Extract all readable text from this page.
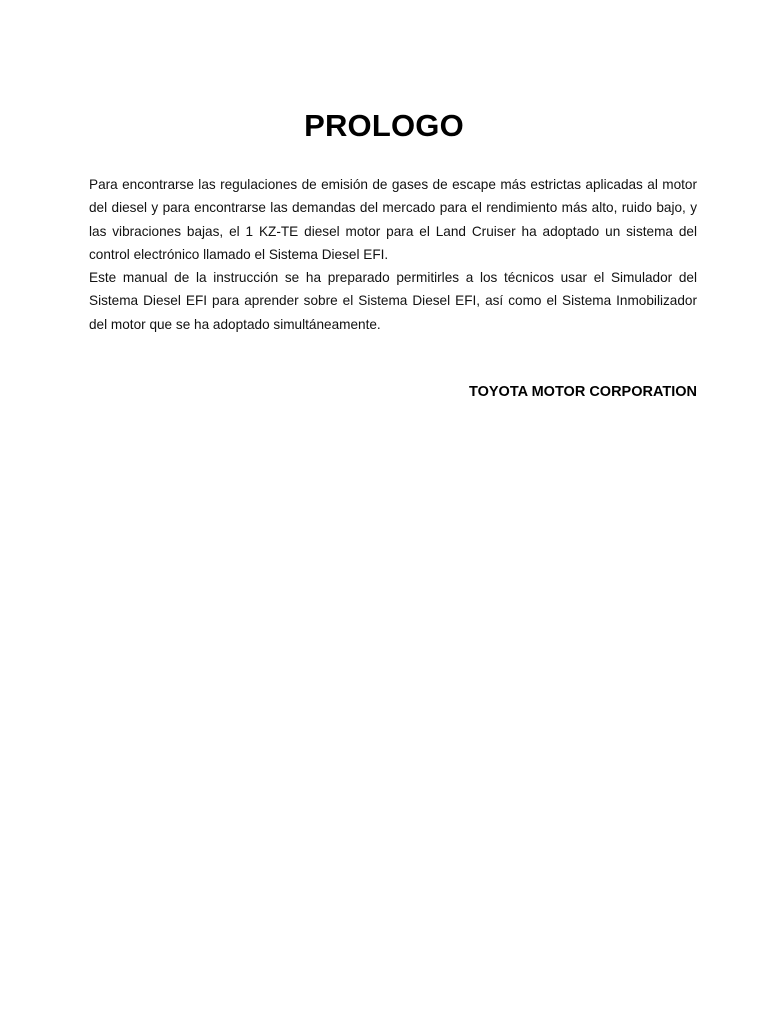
PROLOGO

Para encontrarse las regulaciones de emisión de gases de escape más estrictas aplicadas al motor del diesel y para encontrarse las demandas del mercado para el rendimiento más alto, ruido bajo, y las vibraciones bajas, el 1 KZ-TE diesel motor para el Land Cruiser ha adoptado un sistema del control electrónico llamado el Sistema Diesel EFI.

Este manual de la instrucción se ha preparado permitirles a los técnicos usar el Simulador del Sistema Diesel EFI para aprender sobre el Sistema Diesel EFI, así como el Sistema Inmobilizador del motor que se ha adoptado simultáneamente.

TOYOTA MOTOR CORPORATION
